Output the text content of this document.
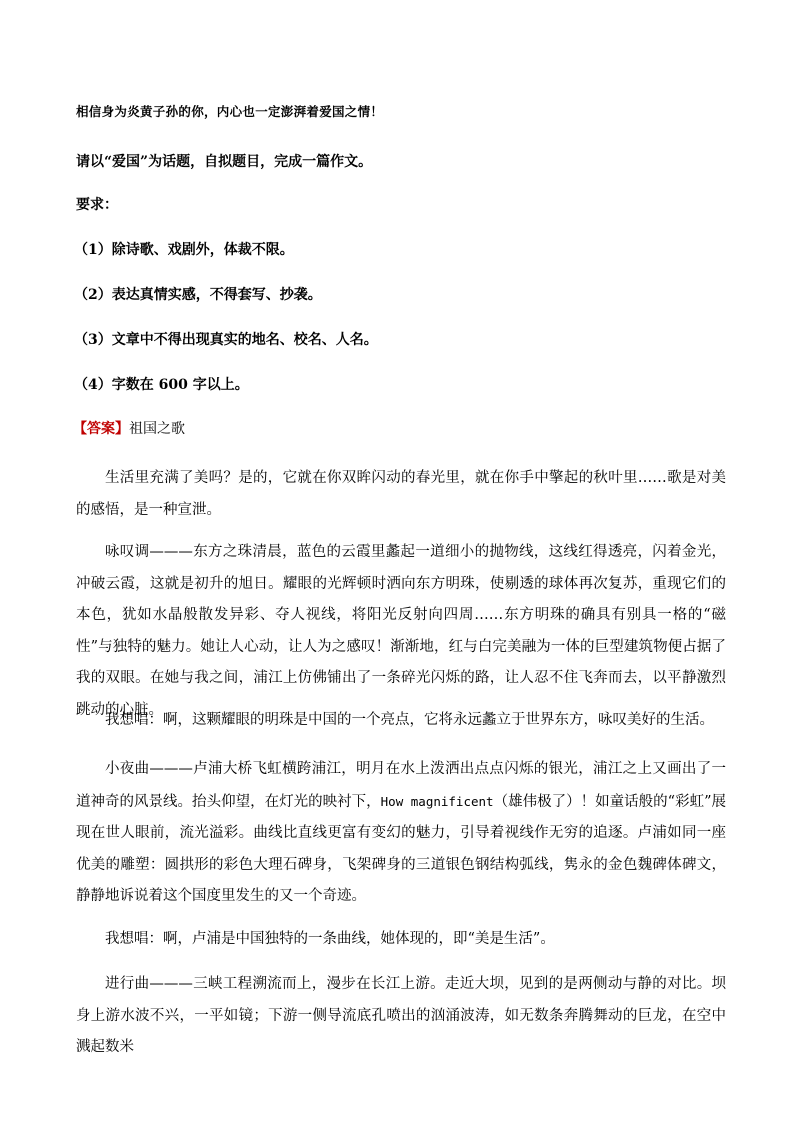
相信身为炎黄子孙的你，内心也一定澎湃着爱国之情！
请以“爱国”为话题，自拟题目，完成一篇作文。
要求：
（1）除诗歌、戏剧外，体裁不限。
（2）表达真情实感，不得套写、抄袭。
（3）文章中不得出现真实的地名、校名、人名。
（4）字数在 600 字以上。
【答案】祖国之歌

生活里充满了美吗？是的，它就在你双眸闪动的春光里，就在你手中擎起的秋叶里……歌是对美的感悟，是一种宣泄。

咏叹调———东方之珠清晨，蓝色的云霞里蠡起一道细小的抛物线，这线红得透亮，闪着金光，冲破云霞，这就是初升的旭日。耀眼的光辉顿时洒向东方明珠，使剔透的球体再次复苏，重现它们的本色，犹如水晶般散发异彩、夺人视线，将阳光反射向四周……东方明珠的确具有别具一格的“磁性”与独特的魅力。她让人心动，让人为之感叹！渐渐地，红与白完美融为一体的巨型建筑物便占据了我的双眼。在她与我之间，浦江上仿佛铺出了一条碎光闪烁的路，让人忍不住飞奔而去，以平静激烈跳动的心脏。

我想唱：啊，这颗耀眼的明珠是中国的一个亮点，它将永远蠡立于世界东方，咏叹美好的生活。

小夜曲———卢浦大桥飞虹横跨浦江，明月在水上泼洒出点点闪烁的银光，浦江之上又画出了一道神奇的风景线。抬头仰望，在灯光的映衬下，How magnificent（雄伟极了）！如童话般的“彩虹”展现在世人眼前，流光溢彩。曲线比直线更富有变幻的魅力，引导着视线作无穷的追逐。卢浦如同一座优美的雕塑：圆拱形的彩色大理石碑身，飞架碑身的三道银色钢结构弧线，隽永的金色魏碑体碑文，静静地诉说着这个国度里发生的又一个奇迹。

我想唱：啊，卢浦是中国独特的一条曲线，她体现的，即“美是生活”。

进行曲———三峡工程溯流而上，漫步在长江上游。走近大坝，见到的是两侧动与静的对比。坝身上游水波不兴，一平如镜；下游一侧导流底孔喷出的汹涌波涛，如无数条奔腾舞动的巨龙，在空中溅起数米
